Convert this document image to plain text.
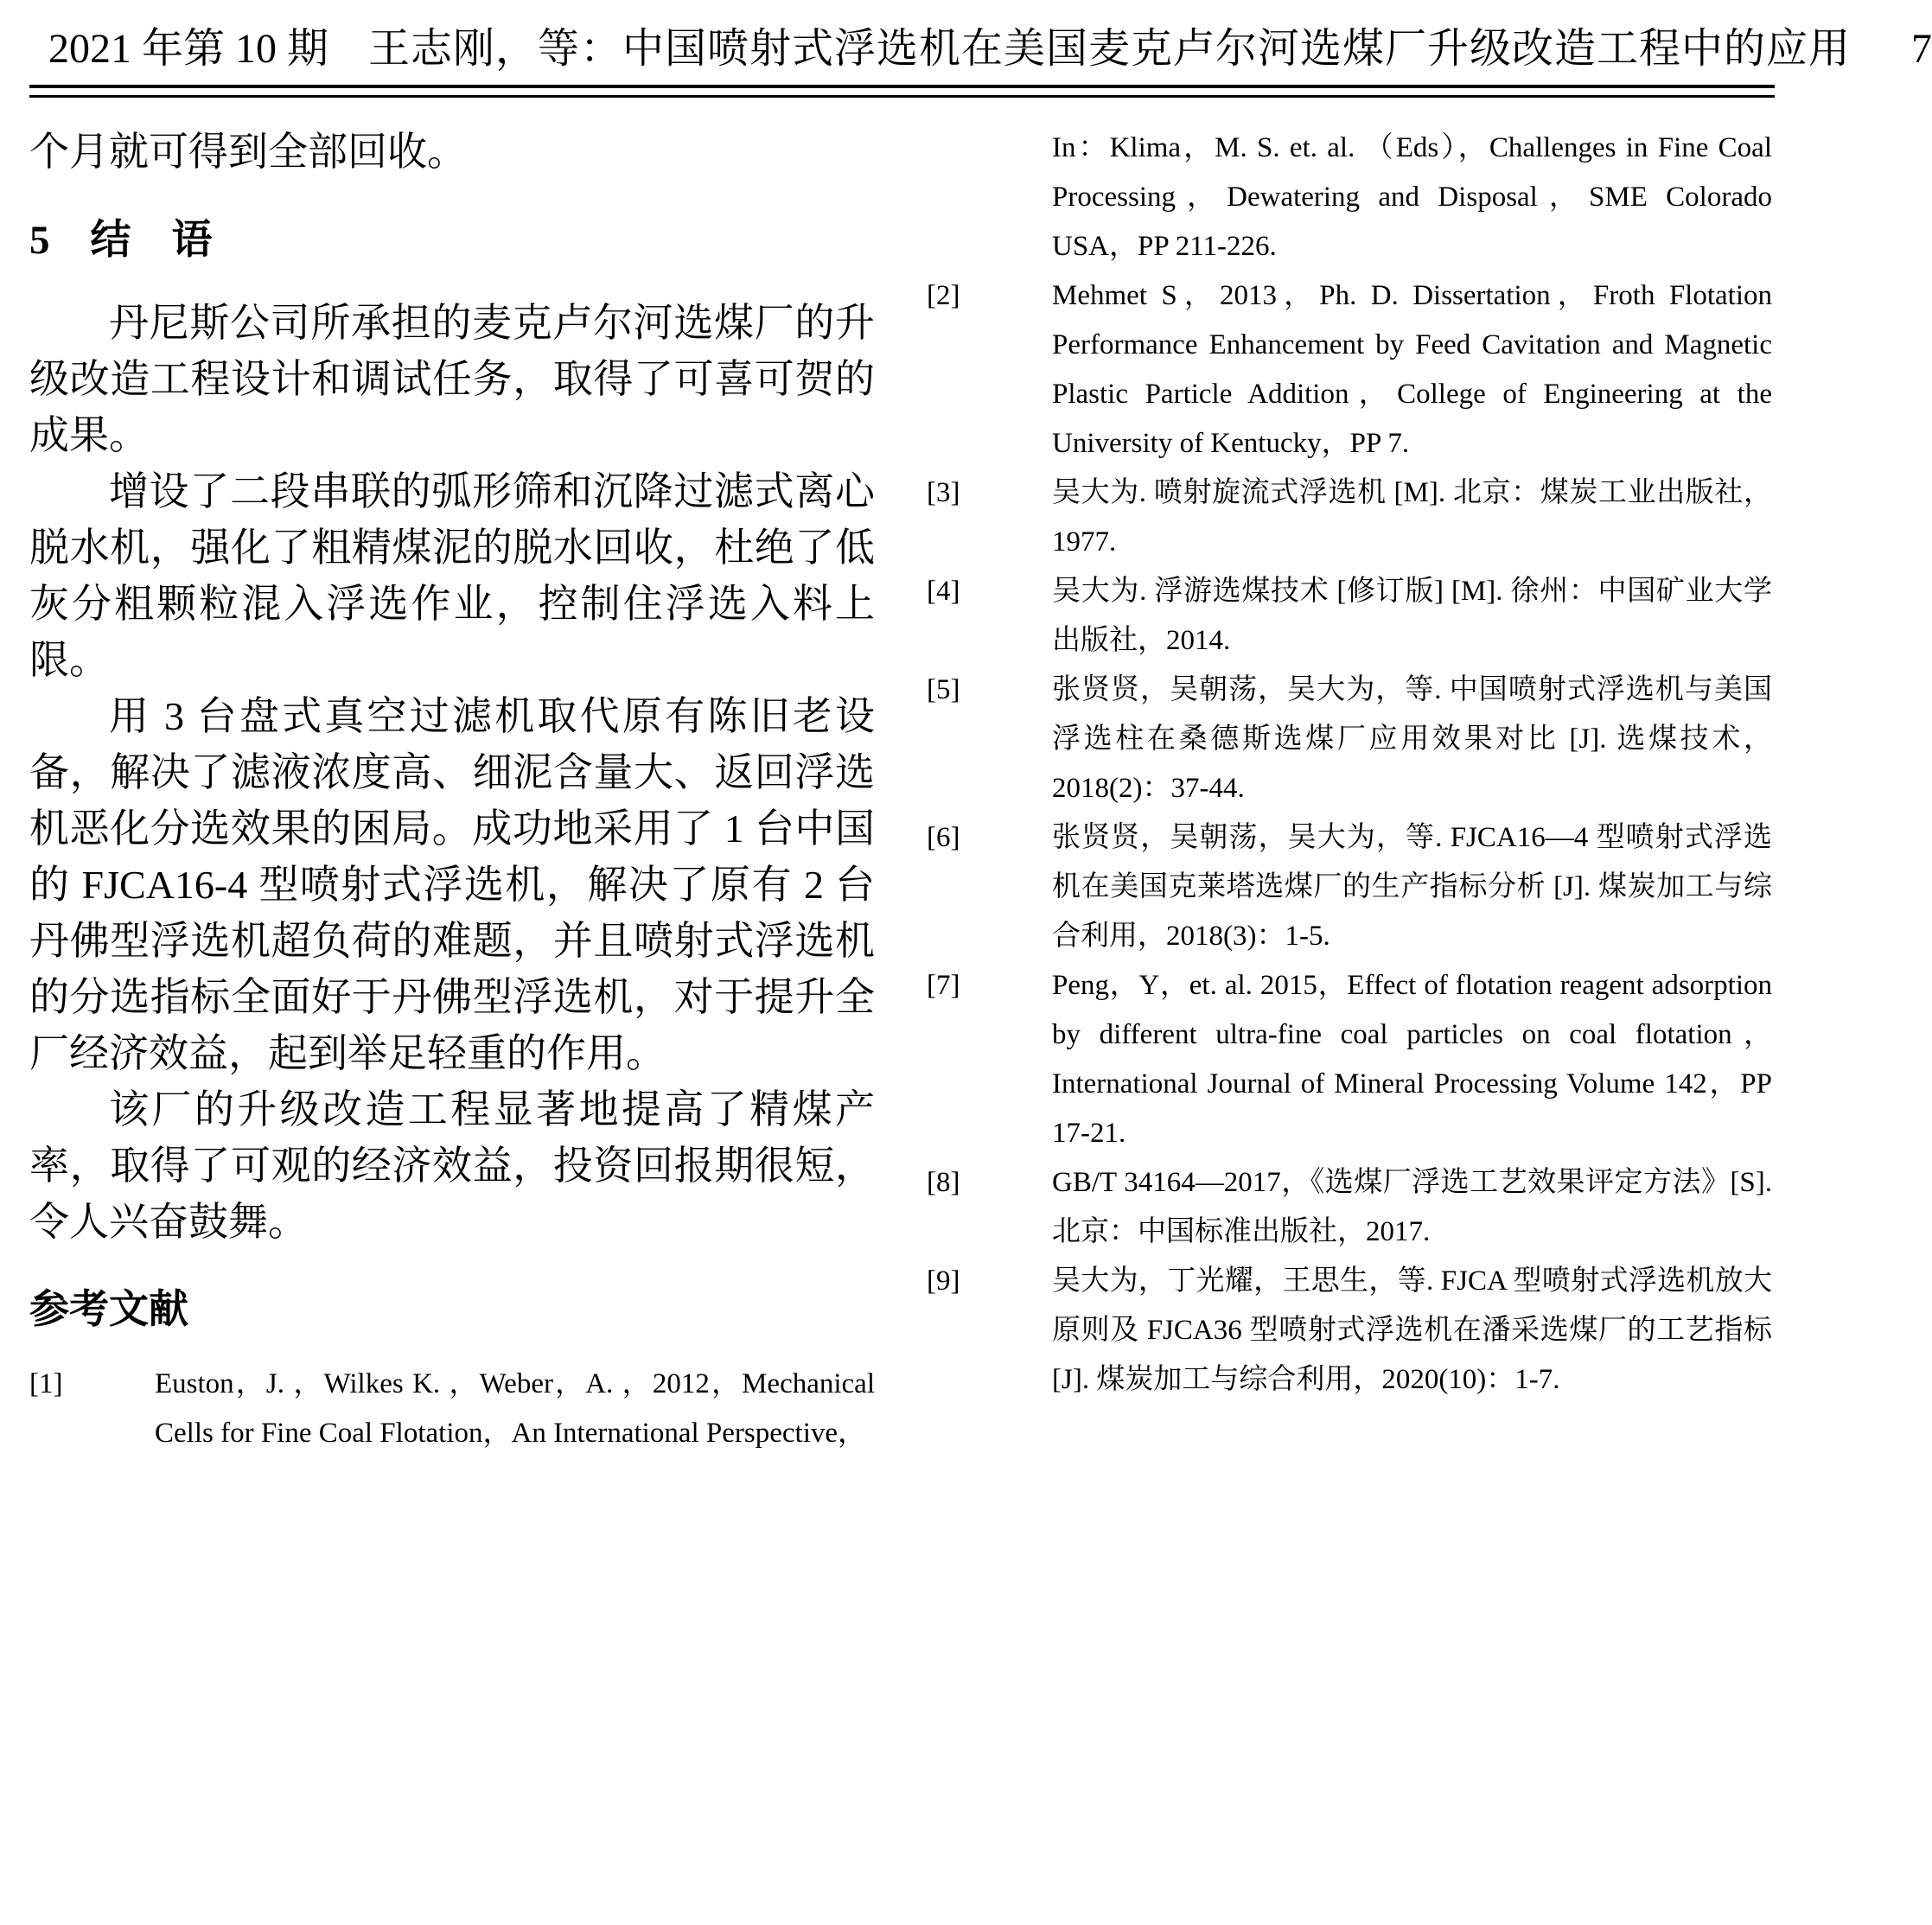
2021 年第 10 期 王志刚，等：中国喷射式浮选机在美国麦克卢尔河选煤厂升级改造工程中的应用 7

个月就可得到全部回收。

5　结　语

丹尼斯公司所承担的麦克卢尔河选煤厂的升级改造工程设计和调试任务，取得了可喜可贺的成果。

增设了二段串联的弧形筛和沉降过滤式离心脱水机，强化了粗精煤泥的脱水回收，杜绝了低灰分粗颗粒混入浮选作业，控制住浮选入料上限。

用 3 台盘式真空过滤机取代原有陈旧老设备，解决了滤液浓度高、细泥含量大、返回浮选机恶化分选效果的困局。成功地采用了 1 台中国的 FJCA16-4 型喷射式浮选机，解决了原有 2 台丹佛型浮选机超负荷的难题，并且喷射式浮选机的分选指标全面好于丹佛型浮选机，对于提升全厂经济效益，起到举足轻重的作用。

该厂的升级改造工程显著地提高了精煤产率，取得了可观的经济效益，投资回报期很短，令人兴奋鼓舞。

参考文献
[1]	Euston，J. ，Wilkes K. ，Weber，A. ，2012，Mechanical Cells for Fine Coal Flotation，An International Perspective，

In：Klima，M. S. et. al. （Eds），Challenges in Fine Coal Processing，Dewatering and Disposal，SME Colorado USA，PP 211-226.

[2]	Mehmet S，2013，Ph. D. Dissertation，Froth Flotation Performance Enhancement by Feed Cavitation and Magnetic Plastic Particle Addition，College of Engineering at the University of Kentucky，PP 7.
[3]	吴大为. 喷射旋流式浮选机 [M]. 北京：煤炭工业出版社，1977.
[4]	吴大为. 浮游选煤技术 [修订版] [M]. 徐州：中国矿业大学出版社，2014.
[5]	张贤贤，吴朝荡，吴大为，等. 中国喷射式浮选机与美国浮选柱在桑德斯选煤厂应用效果对比 [J]. 选煤技术，2018(2)：37-44.
[6]	张贤贤，吴朝荡，吴大为，等. FJCA16—4 型喷射式浮选机在美国克莱塔选煤厂的生产指标分析 [J]. 煤炭加工与综合利用，2018(3)：1-5.
[7]	Peng，Y，et. al. 2015，Effect of flotation reagent adsorption by different ultra-fine coal particles on coal flotation，International Journal of Mineral Processing Volume 142，PP 17-21.
[8]	GB/T 34164—2017，《选煤厂浮选工艺效果评定方法》[S]. 北京：中国标准出版社，2017.
[9]	吴大为，丁光耀，王思生，等. FJCA 型喷射式浮选机放大原则及 FJCA36 型喷射式浮选机在潘采选煤厂的工艺指标 [J]. 煤炭加工与综合利用，2020(10)：1-7.
